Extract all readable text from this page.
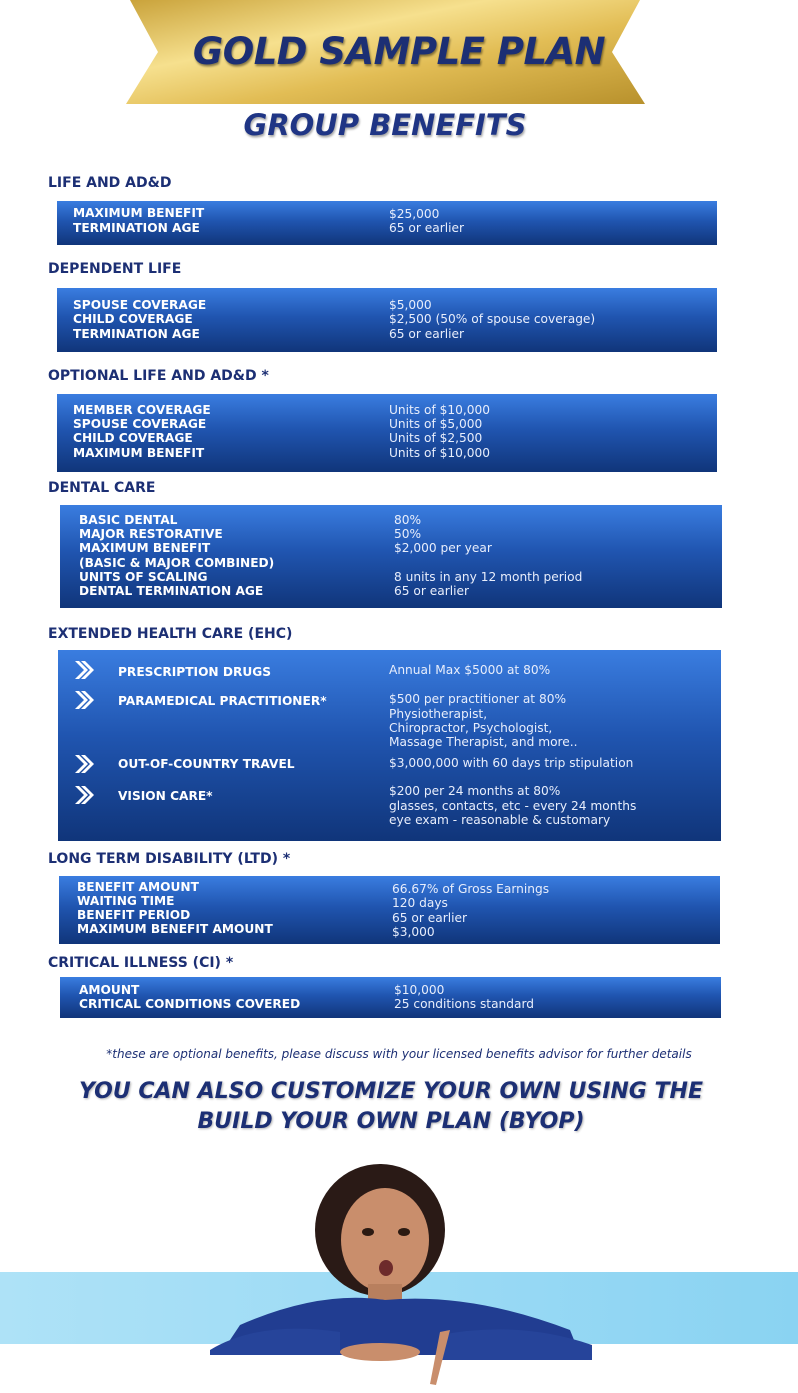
GOLD SAMPLE PLAN
GROUP BENEFITS
LIFE AND AD&D
MAXIMUM BENEFIT	$25,000
TERMINATION AGE	65 or earlier
DEPENDENT LIFE
SPOUSE COVERAGE	$5,000
CHILD COVERAGE	$2,500 (50% of spouse coverage)
TERMINATION AGE	65 or earlier
OPTIONAL LIFE AND AD&D *
MEMBER COVERAGE	Units of $10,000
SPOUSE COVERAGE	Units of $5,000
CHILD COVERAGE	Units of $2,500
MAXIMUM BENEFIT	Units of $10,000
DENTAL CARE
BASIC DENTAL	80%
MAJOR RESTORATIVE	50%
MAXIMUM BENEFIT	$2,000 per year
(BASIC & MAJOR COMBINED)
UNITS OF SCALING	8 units in any 12 month period
DENTAL TERMINATION AGE	65 or earlier
EXTENDED HEALTH CARE (EHC)
PRESCRIPTION DRUGS	Annual Max $5000 at 80%
PARAMEDICAL PRACTITIONER*	$500 per practitioner at 80%
Physiotherapist,
Chiropractor, Psychologist,
Massage Therapist, and more..
OUT-OF-COUNTRY TRAVEL	$3,000,000 with 60 days trip stipulation
VISION CARE*	$200 per 24 months at 80%
glasses, contacts, etc - every 24 months
eye exam - reasonable & customary
LONG TERM DISABILITY (LTD) *
BENEFIT AMOUNT	66.67% of Gross Earnings
WAITING TIME	120 days
BENEFIT PERIOD	65 or earlier
MAXIMUM BENEFIT AMOUNT	$3,000
CRITICAL ILLNESS (CI) *
AMOUNT	$10,000
CRITICAL CONDITIONS COVERED	25 conditions standard
*these are optional benefits, please discuss with your licensed benefits advisor for further details
YOU CAN ALSO CUSTOMIZE YOUR OWN USING THE
BUILD YOUR OWN PLAN (BYOP)
